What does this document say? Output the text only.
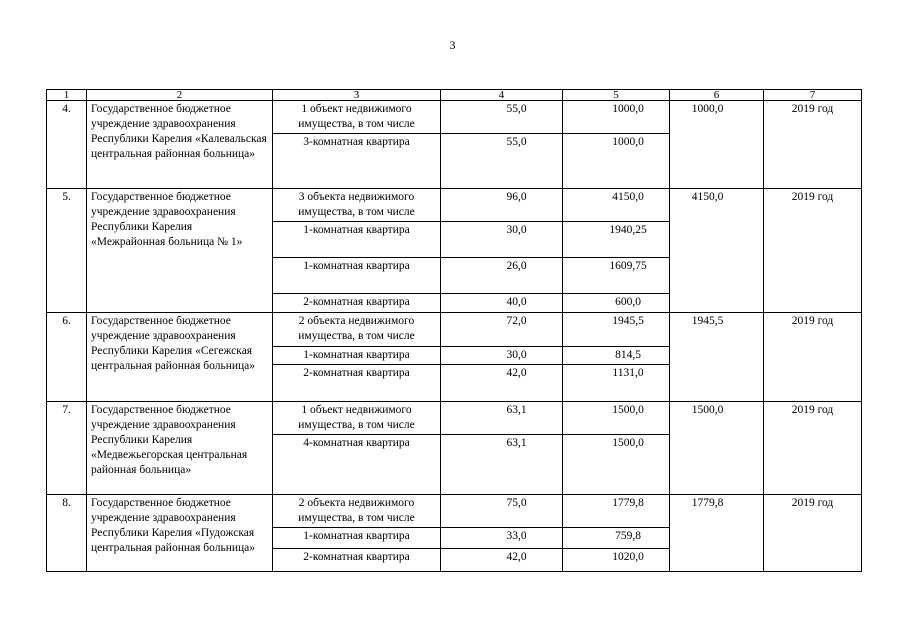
3
1	2	3	4	5	6	7
4.	Государственное бюджетное учреждение здравоохранения Республики Карелия «Калевальская центральная районная больница»	1 объект недвижимого имущества, в том числе	55,0	1000,0	1000,0	2019 год
		3-комнатная квартира	55,0	1000,0		
5.	Государственное бюджетное учреждение здравоохранения Республики Карелия «Межрайонная больница № 1»	3 объекта недвижимого имущества, в том числе	96,0	4150,0	4150,0	2019 год
		1-комнатная квартира	30,0	1940,25		
		1-комнатная квартира	26,0	1609,75		
		2-комнатная квартира	40,0	600,0		
6.	Государственное бюджетное учреждение здравоохранения Республики Карелия «Сегежская центральная районная больница»	2 объекта недвижимого имущества, в том числе	72,0	1945,5	1945,5	2019 год
		1-комнатная квартира	30,0	814,5		
		2-комнатная квартира	42,0	1131,0		
7.	Государственное бюджетное учреждение здравоохранения Республики Карелия «Медвежьегорская центральная районная больница»	1 объект недвижимого имущества, в том числе	63,1	1500,0	1500,0	2019 год
		4-комнатная квартира	63,1	1500,0		
8.	Государственное бюджетное учреждение здравоохранения Республики Карелия «Пудожская центральная районная больница»	2 объекта недвижимого имущества, в том числе	75,0	1779,8	1779,8	2019 год
		1-комнатная квартира	33,0	759,8		
		2-комнатная квартира	42,0	1020,0		
